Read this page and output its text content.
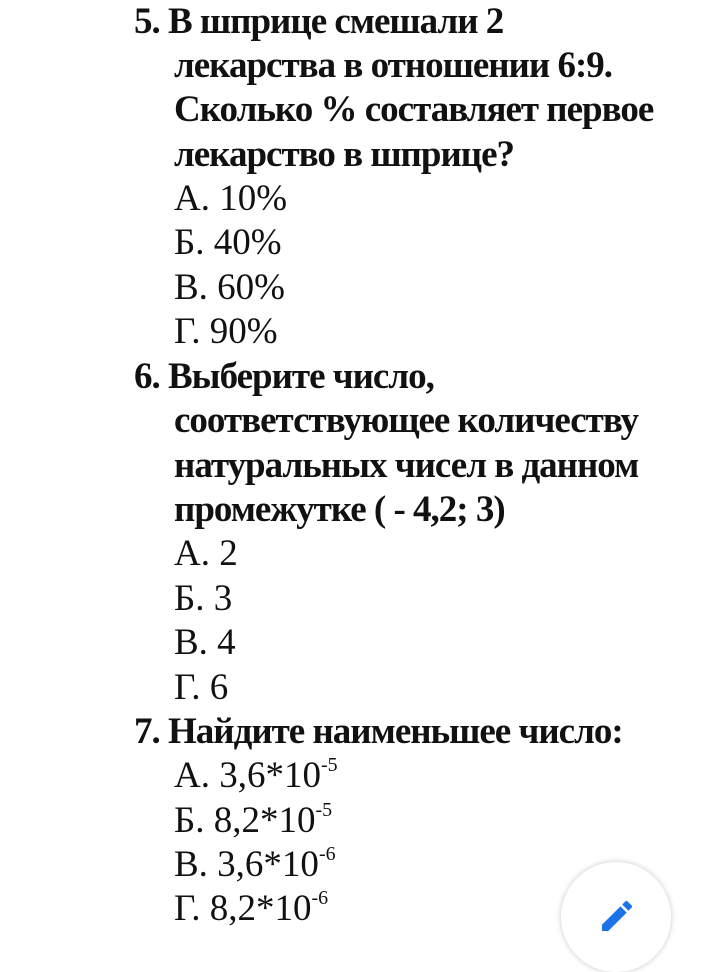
5. В шприце смешали 2
лекарства в отношении 6:9.
Сколько % составляет первое
лекарство в шприце?
А. 10%
Б. 40%
В. 60%
Г. 90%
6. Выберите число,
соответствующее количеству
натуральных чисел в данном
промежутке ( - 4,2; 3)
А. 2
Б. 3
В. 4
Г. 6
7. Найдите наименьшее число:
А. $3,6*10^{-5}$
Б. $8,2*10^{-5}$
В. $3,6*10^{-6}$
Г. $8,2*10^{-6}$
